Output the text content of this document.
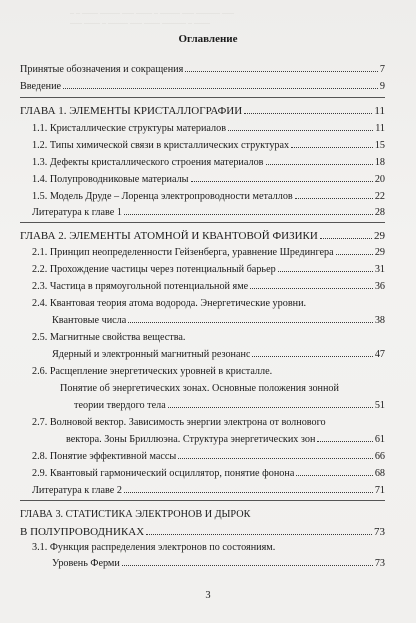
_ _ ____ _____ ___ ____ _ _____ ___ ______ ___
___ ____ _ _____ ___ ____ ______ _ ____
Оглавление
Принятые обозначения и сокращения	7
Введение	9
ГЛАВА 1. ЭЛЕМЕНТЫ КРИСТАЛЛОГРАФИИ	11
1.1. Кристаллические структуры материалов	11
1.2. Типы химической связи в кристаллических структурах	15
1.3. Дефекты кристаллического строения материалов	18
1.4. Полупроводниковые материалы	20
1.5. Модель Друде – Лоренца электропроводности металлов	22
Литература к главе 1	28
ГЛАВА 2. ЭЛЕМЕНТЫ АТОМНОЙ И КВАНТОВОЙ ФИЗИКИ	29
2.1. Принцип неопределенности Гейзенберга, уравнение Шредингера	29
2.2. Прохождение частицы через потенциальный барьер	31
2.3. Частица в прямоугольной потенциальной яме	36
2.4. Квантовая теория атома водорода. Энергетические уровни.
Квантовые числа	38
2.5. Магнитные свойства вещества.
Ядерный и электронный магнитный резонанс	47
2.6. Расщепление энергетических уровней в кристалле.
Понятие об энергетических зонах. Основные положения зонной
теории твердого тела	51
2.7. Волновой вектор. Зависимость энергии электрона от волнового
вектора. Зоны Бриллюэна. Структура энергетических зон	61
2.8. Понятие эффективной массы	66
2.9. Квантовый гармонический осциллятор, понятие фонона	68
Литература к главе 2	71
ГЛАВА 3. СТАТИСТИКА ЭЛЕКТРОНОВ И ДЫРОК
В ПОЛУПРОВОДНИКАХ	73
3.1. Функция распределения электронов по состояниям.
Уровень Ферми	73
3
